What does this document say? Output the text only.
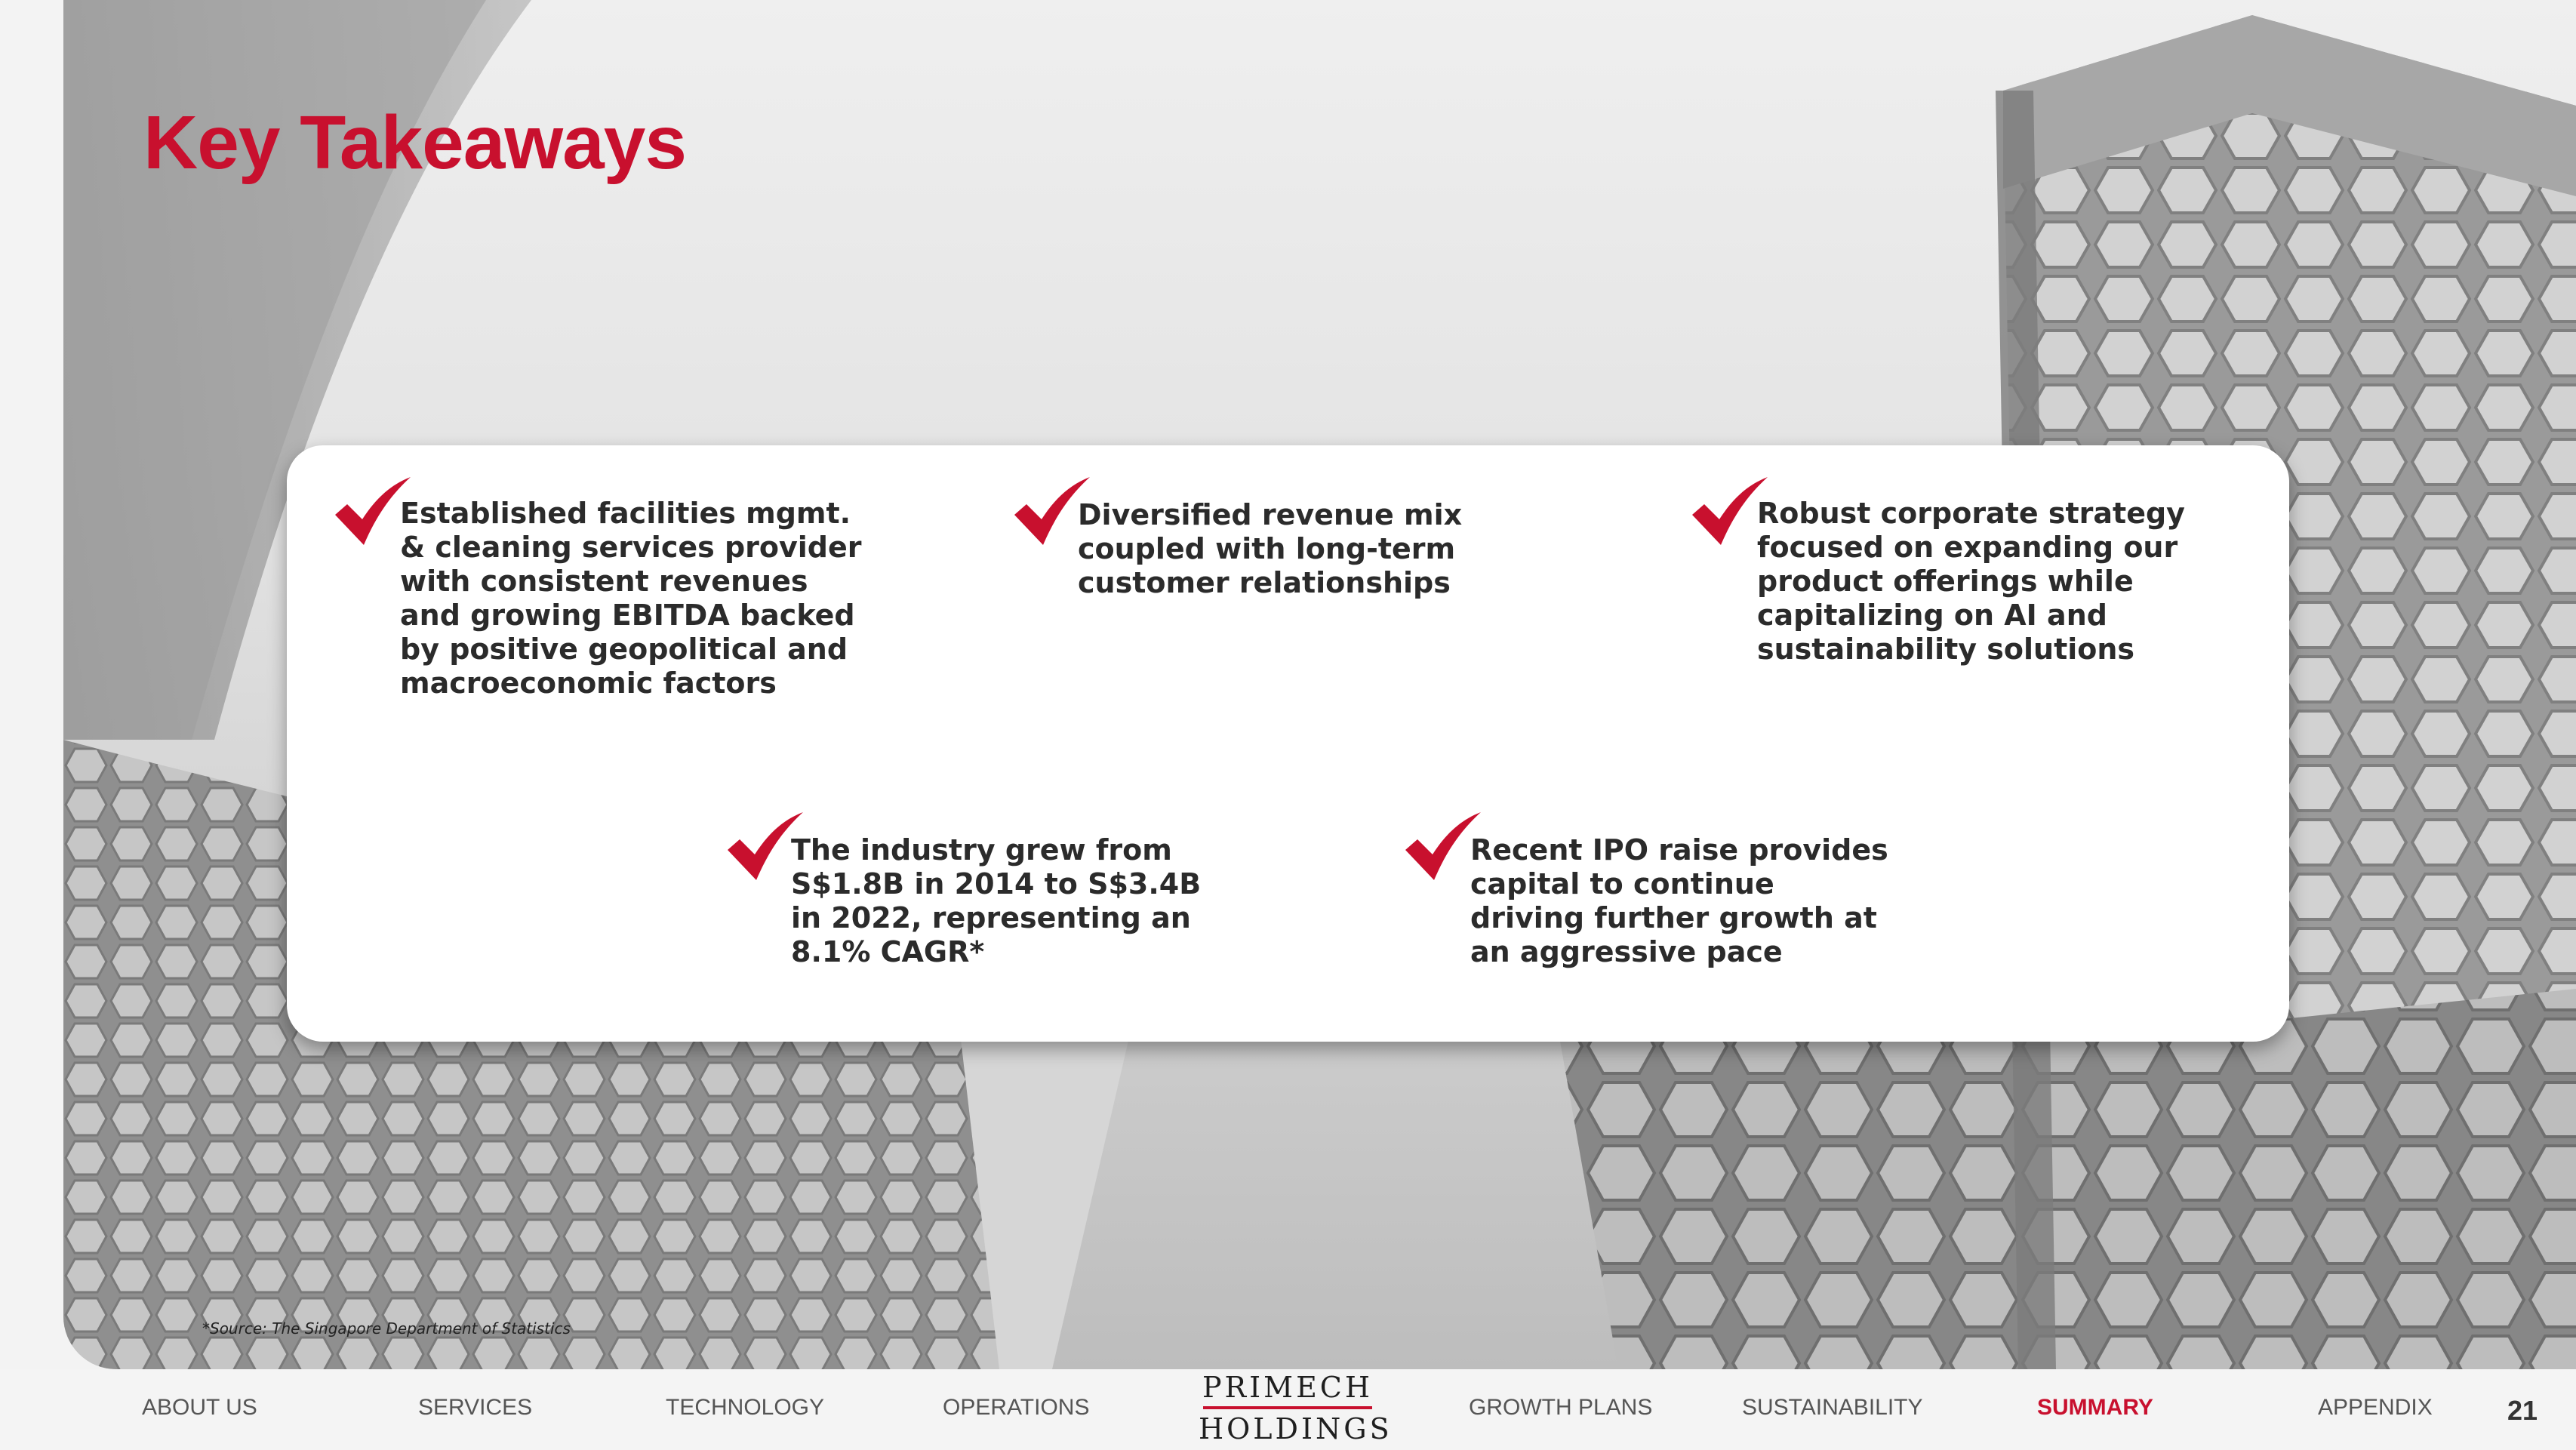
Key Takeaways

Established facilities mgmt. & cleaning services provider with consistent revenues and growing EBITDA backed by positive geopolitical and macroeconomic factors

Diversified revenue mix coupled with long-term customer relationships

Robust corporate strategy focused on expanding our product offerings while capitalizing on AI and sustainability solutions

The industry grew from S$1.8B in 2014 to S$3.4B in 2022, representing an 8.1% CAGR*

Recent IPO raise provides capital to continue driving further growth at an aggressive pace

*Source: The Singapore Department of Statistics

ABOUT US	SERVICES	TECHNOLOGY	OPERATIONS
PRIMECH
HOLDINGS
GROWTH PLANS	SUSTAINABILITY	SUMMARY	APPENDIX	21
